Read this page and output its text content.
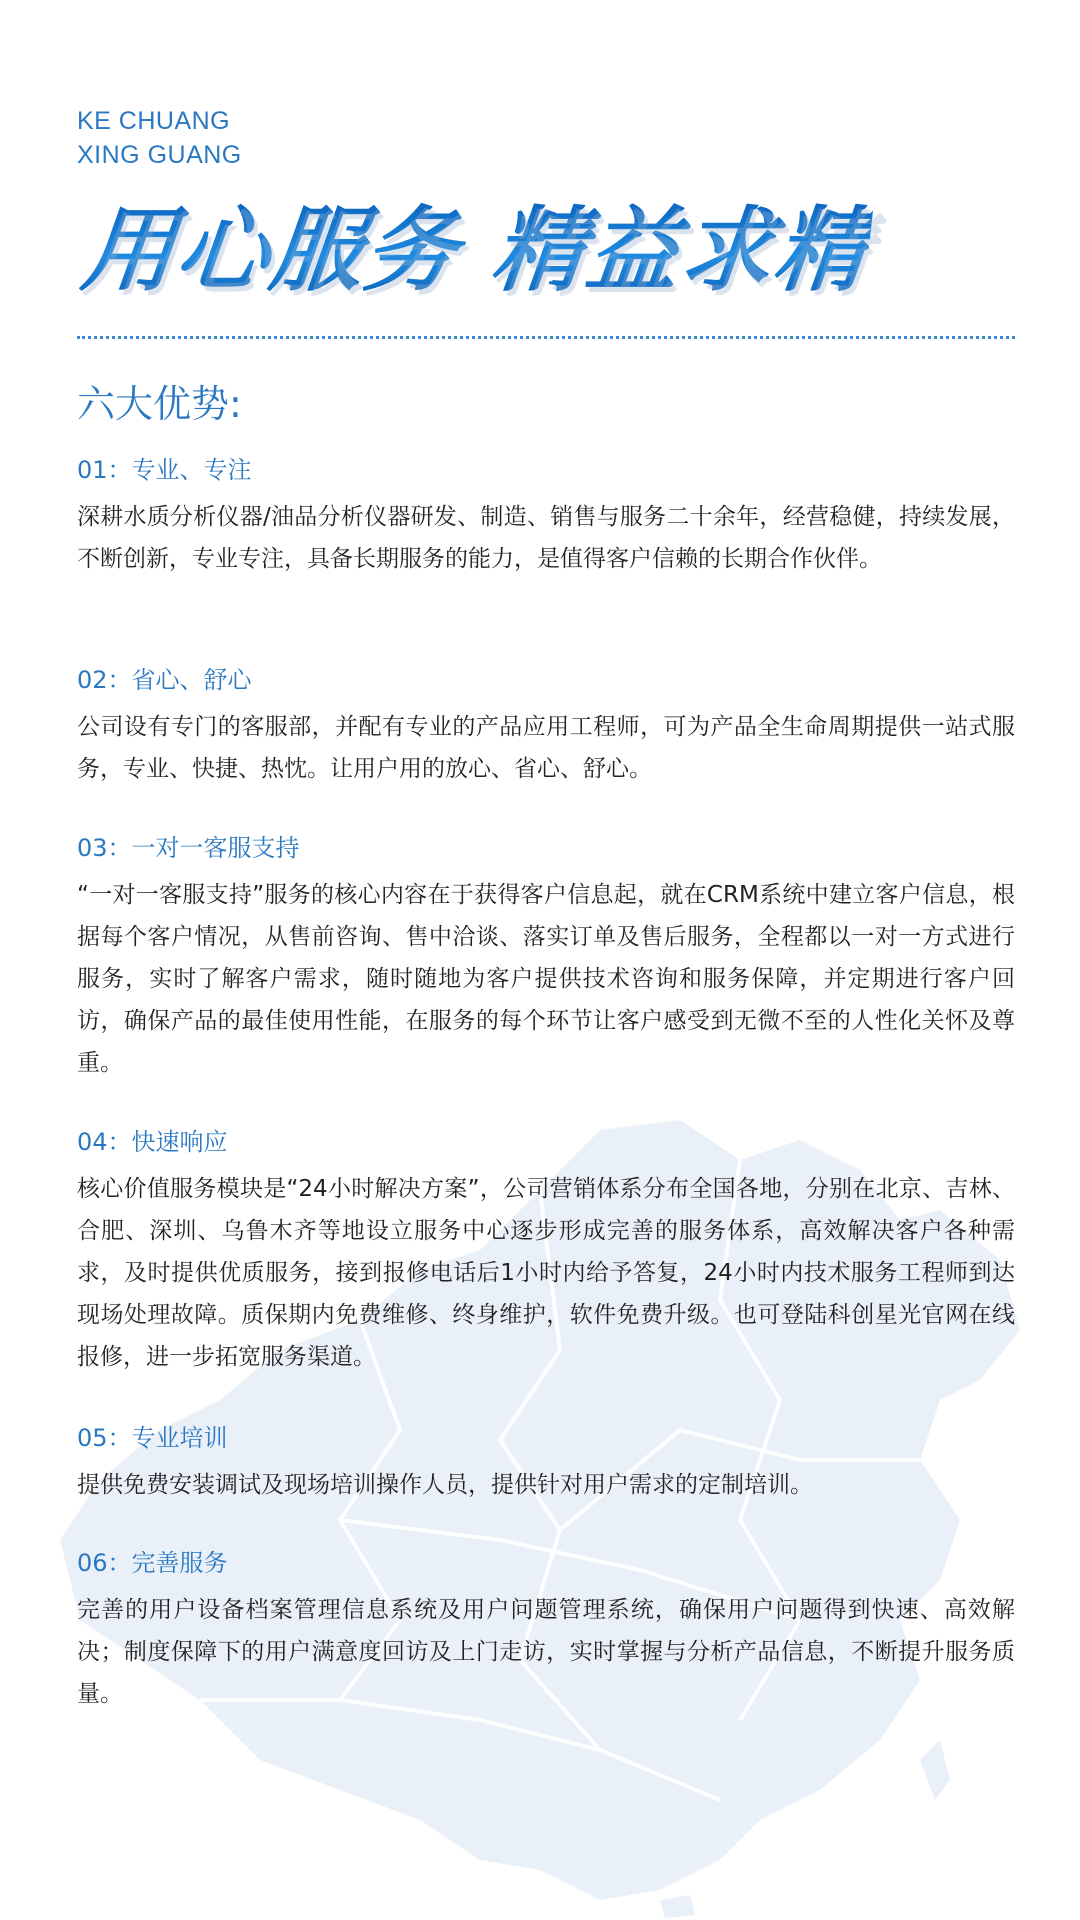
KE CHUANG
XING GUANG
用心服务 精益求精
六大优势:
01：专业、专注
深耕水质分析仪器/油品分析仪器研发、制造、销售与服务二十余年，经营稳健，持续发展，不断创新，专业专注，具备长期服务的能力，是值得客户信赖的长期合作伙伴。
02：省心、舒心
公司设有专门的客服部，并配有专业的产品应用工程师，可为产品全生命周期提供一站式服务，专业、快捷、热忱。让用户用的放心、省心、舒心。
03：一对一客服支持
“一对一客服支持”服务的核心内容在于获得客户信息起，就在CRM系统中建立客户信息，根据每个客户情况，从售前咨询、售中洽谈、落实订单及售后服务，全程都以一对一方式进行服务，实时了解客户需求，随时随地为客户提供技术咨询和服务保障，并定期进行客户回访，确保产品的最佳使用性能，在服务的每个环节让客户感受到无微不至的人性化关怀及尊重。
04：快速响应
核心价值服务模块是“24小时解决方案”，公司营销体系分布全国各地，分别在北京、吉林、合肥、深圳、乌鲁木齐等地设立服务中心逐步形成完善的服务体系，高效解决客户各种需求，及时提供优质服务，接到报修电话后1小时内给予答复，24小时内技术服务工程师到达现场处理故障。质保期内免费维修、终身维护，软件免费升级。也可登陆科创星光官网在线报修，进一步拓宽服务渠道。
05：专业培训
提供免费安装调试及现场培训操作人员，提供针对用户需求的定制培训。
06：完善服务
完善的用户设备档案管理信息系统及用户问题管理系统，确保用户问题得到快速、高效解决；制度保障下的用户满意度回访及上门走访，实时掌握与分析产品信息，不断提升服务质量。
